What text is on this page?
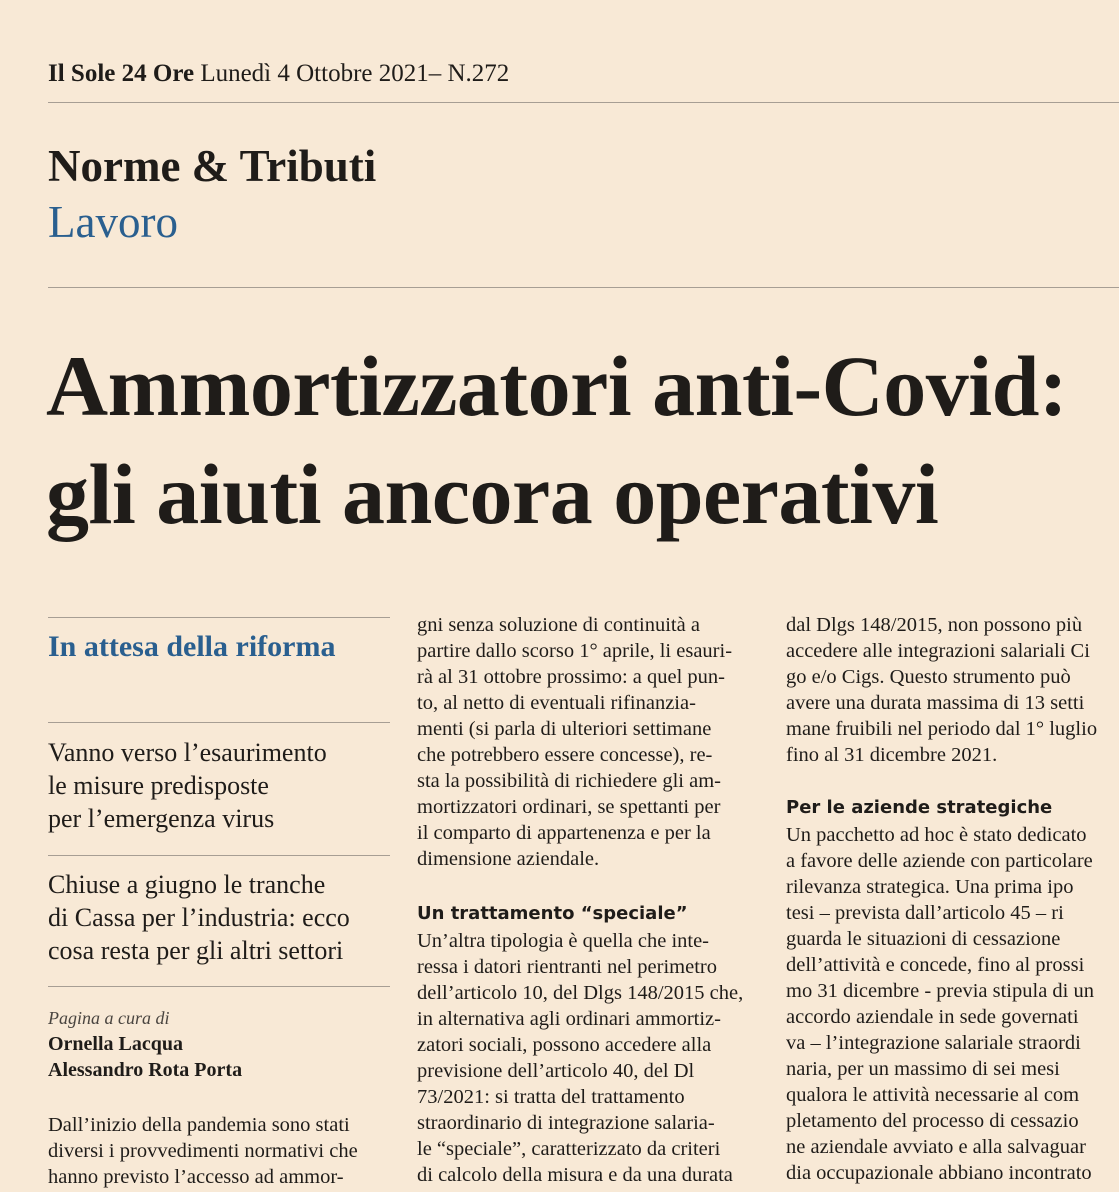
Il Sole 24 Ore Lunedì 4 Ottobre 2021– N.272
Norme & Tributi
Lavoro
Ammortizzatori anti-Covid:
gli aiuti ancora operativi
In attesa della riforma
Vanno verso l’esaurimento
le misure predisposte
per l’emergenza virus
Chiuse a giugno le tranche
di Cassa per l’industria: ecco
cosa resta per gli altri settori
Pagina a cura di
Ornella Lacqua
Alessandro Rota Porta
Dall’inizio della pandemia sono stati
diversi i provvedimenti normativi che
hanno previsto l’accesso ad ammor-
gni senza soluzione di continuità a
partire dallo scorso 1° aprile, li esauri-
rà al 31 ottobre prossimo: a quel pun-
to, al netto di eventuali rifinanzia-
menti (si parla di ulteriori settimane
che potrebbero essere concesse), re-
sta la possibilità di richiedere gli am-
mortizzatori ordinari, se spettanti per
il comparto di appartenenza e per la
dimensione aziendale.
Un trattamento “speciale”
Un’altra tipologia è quella che inte-
ressa i datori rientranti nel perimetro
dell’articolo 10, del Dlgs 148/2015 che,
in alternativa agli ordinari ammortiz-
zatori sociali, possono accedere alla
previsione dell’articolo 40, del Dl
73/2021: si tratta del trattamento
straordinario di integrazione salaria-
le “speciale”, caratterizzato da criteri
di calcolo della misura e da una durata
dal Dlgs 148/2015, non possono più
accedere alle integrazioni salariali Ci
go e/o Cigs. Questo strumento può
avere una durata massima di 13 setti
mane fruibili nel periodo dal 1° luglio
fino al 31 dicembre 2021.
Per le aziende strategiche
Un pacchetto ad hoc è stato dedicato
a favore delle aziende con particolare
rilevanza strategica. Una prima ipo
tesi – prevista dall’articolo 45 – ri
guarda le situazioni di cessazione
dell’attività e concede, fino al prossi
mo 31 dicembre - previa stipula di un
accordo aziendale in sede governati
va – l’integrazione salariale straordi
naria, per un massimo di sei mesi
qualora le attività necessarie al com
pletamento del processo di cessazio
ne aziendale avviato e alla salvaguar
dia occupazionale abbiano incontrato
